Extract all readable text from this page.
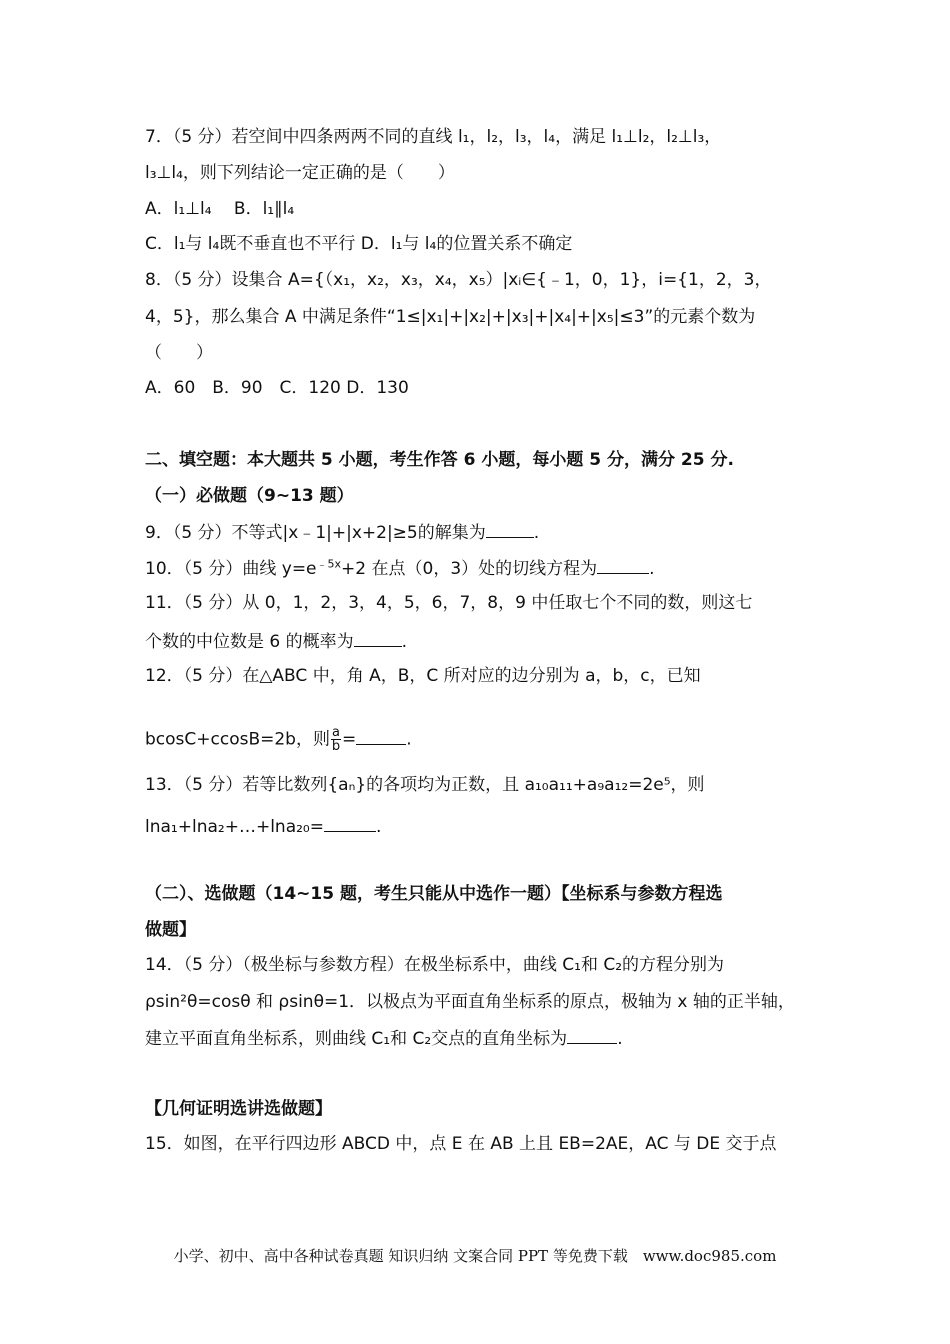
7．（5 分）若空间中四条两两不同的直线 l₁，l₂，l₃，l₄，满足 l₁⊥l₂，l₂⊥l₃，
l₃⊥l₄，则下列结论一定正确的是（　　）
A．l₁⊥l₄　 B．l₁∥l₄
C．l₁与 l₄既不垂直也不平行 D．l₁与 l₄的位置关系不确定
8．（5 分）设集合 A={（x₁，x₂，x₃，x₄，x₅）|xᵢ∈{﹣1，0，1}，i={1，2，3，
4，5}，那么集合 A 中满足条件“1≤|x₁|+|x₂|+|x₃|+|x₄|+|x₅|≤3”的元素个数为
（　　）
A．60　B．90　C．120 D．130
二、填空题：本大题共 5 小题，考生作答 6 小题，每小题 5 分，满分 25 分.
（一）必做题（9~13 题）
9．（5 分）不等式|x﹣1|+|x+2|≥5的解集为	.
10．（5 分）曲线 $y=e^{﹣5x}+2$ 在点（0，3）处的切线方程为	.
11．（5 分）从 0，1，2，3，4，5，6，7，8，9 中任取七个不同的数，则这七
个数的中位数是 6 的概率为	.
12．（5 分）在△ABC 中，角 A，B，C 所对应的边分别为 a，b，c，已知
bcosC+ccosB=2b，则 $\frac{a}{b}$ =	.
13．（5 分）若等比数列{aₙ}的各项均为正数，且 a₁₀a₁₁+a₉a₁₂=2e⁵，则
lna₁+lna₂+…+lna₂₀=	.
（二）、选做题（14~15 题，考生只能从中选作一题）【坐标系与参数方程选
做题】
14．（5 分）（极坐标与参数方程）在极坐标系中，曲线 C₁和 C₂的方程分别为
ρsin²θ=cosθ 和 ρsinθ=1．以极点为平面直角坐标系的原点，极轴为 x 轴的正半轴，
建立平面直角坐标系，则曲线 C₁和 C₂交点的直角坐标为	.
【几何证明选讲选做题】
15．如图，在平行四边形 ABCD 中，点 E 在 AB 上且 EB=2AE，AC 与 DE 交于点
小学、初中、高中各种试卷真题 知识归纳 文案合同 PPT 等免费下载　www.doc985.com
